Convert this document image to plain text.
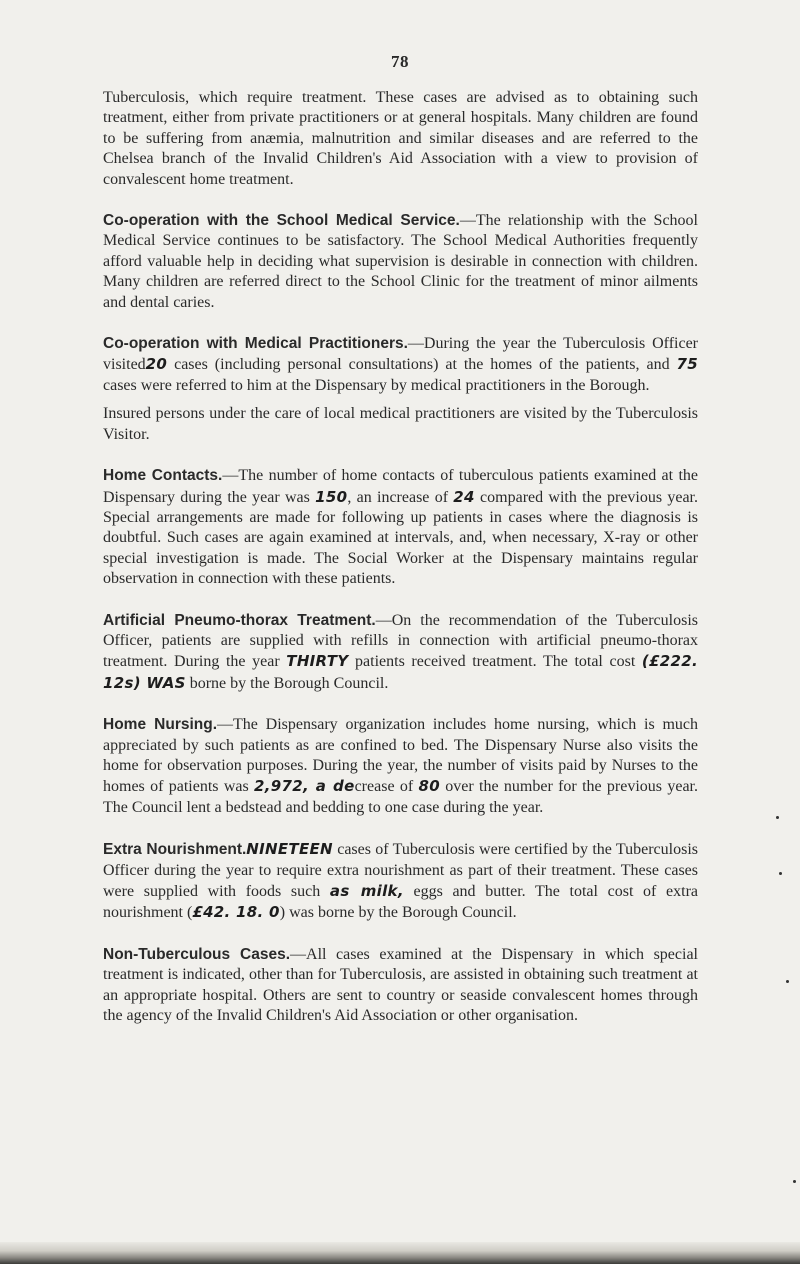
78

Tuberculosis, which require treatment. These cases are advised as to obtaining such treatment, either from private practitioners or at general hospitals. Many children are found to be suffering from anæmia, malnutrition and similar diseases and are referred to the Chelsea branch of the Invalid Children's Aid Association with a view to provision of convalescent home treatment.

Co-operation with the School Medical Service.—The relationship with the School Medical Service continues to be satisfactory. The School Medical Authorities frequently afford valuable help in deciding what supervision is desirable in connection with children. Many children are referred direct to the School Clinic for the treatment of minor ailments and dental caries.

Co-operation with Medical Practitioners.—During the year the Tuberculosis Officer visited20 cases (including personal consultations) at the homes of the patients, and 75 cases were referred to him at the Dispensary by medical practitioners in the Borough.

Insured persons under the care of local medical practitioners are visited by the Tuberculosis Visitor.

Home Contacts.—The number of home contacts of tuberculous patients examined at the Dispensary during the year was 150, an increase of 24 compared with the previous year. Special arrangements are made for following up patients in cases where the diagnosis is doubtful. Such cases are again examined at intervals, and, when necessary, X-ray or other special investigation is made. The Social Worker at the Dispensary maintains regular observation in connection with these patients.

Artificial Pneumo-thorax Treatment.—On the recommendation of the Tuberculosis Officer, patients are supplied with refills in connection with artificial pneumo-thorax treatment. During the year THIRTY patients received treatment. The total cost (£222. 12s) WAS borne by the Borough Council.

Home Nursing.—The Dispensary organization includes home nursing, which is much appreciated by such patients as are confined to bed. The Dispensary Nurse also visits the home for observation purposes. During the year, the number of visits paid by Nurses to the homes of patients was 2,972, a decrease of 80 over the number for the previous year. The Council lent a bedstead and bedding to one case during the year.

Extra Nourishment.NINETEEN cases of Tuberculosis were certified by the Tuberculosis Officer during the year to require extra nourishment as part of their treatment. These cases were supplied with foods such as milk, eggs and butter. The total cost of extra nourishment (£42. 18. 0) was borne by the Borough Council.

Non-Tuberculous Cases.—All cases examined at the Dispensary in which special treatment is indicated, other than for Tuberculosis, are assisted in obtaining such treatment at an appropriate hospital. Others are sent to country or seaside convalescent homes through the agency of the Invalid Children's Aid Association or other organisation.
